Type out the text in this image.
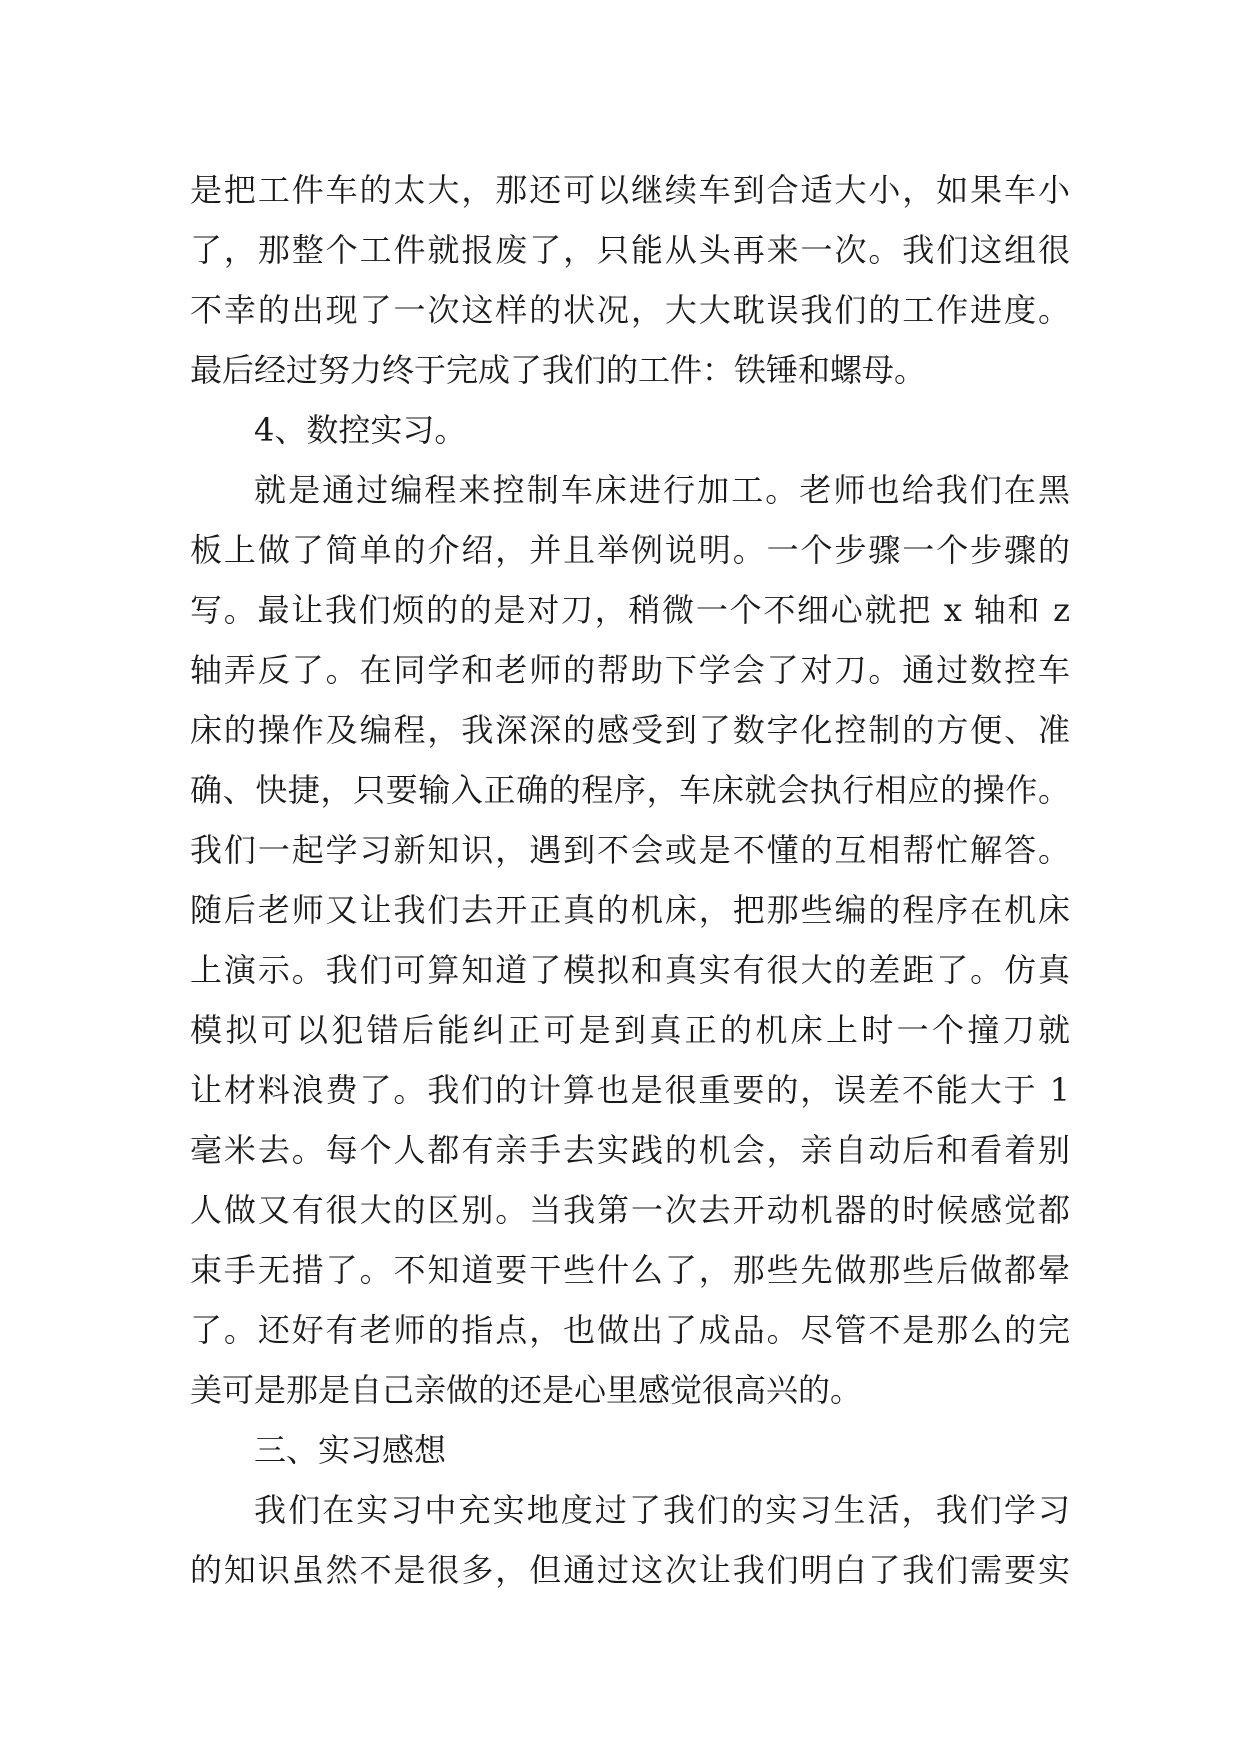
是把工件车的太大，那还可以继续车到合适大小，如果车小
了，那整个工件就报废了，只能从头再来一次。我们这组很
不幸的出现了一次这样的状况，大大耽误我们的工作进度。
最后经过努力终于完成了我们的工件：铁锤和螺母。
4、数控实习。
就是通过编程来控制车床进行加工。老师也给我们在黑
板上做了简单的介绍，并且举例说明。一个步骤一个步骤的
写。最让我们烦的的是对刀，稍微一个不细心就把 x 轴和 z
轴弄反了。在同学和老师的帮助下学会了对刀。通过数控车
床的操作及编程，我深深的感受到了数字化控制的方便、准
确、快捷，只要输入正确的程序，车床就会执行相应的操作。
我们一起学习新知识，遇到不会或是不懂的互相帮忙解答。
随后老师又让我们去开正真的机床，把那些编的程序在机床
上演示。我们可算知道了模拟和真实有很大的差距了。仿真
模拟可以犯错后能纠正可是到真正的机床上时一个撞刀就
让材料浪费了。我们的计算也是很重要的，误差不能大于 1
毫米去。每个人都有亲手去实践的机会，亲自动后和看着别
人做又有很大的区别。当我第一次去开动机器的时候感觉都
束手无措了。不知道要干些什么了，那些先做那些后做都晕
了。还好有老师的指点，也做出了成品。尽管不是那么的完
美可是那是自己亲做的还是心里感觉很高兴的。
三、实习感想
我们在实习中充实地度过了我们的实习生活，我们学习
的知识虽然不是很多，但通过这次让我们明白了我们需要实
